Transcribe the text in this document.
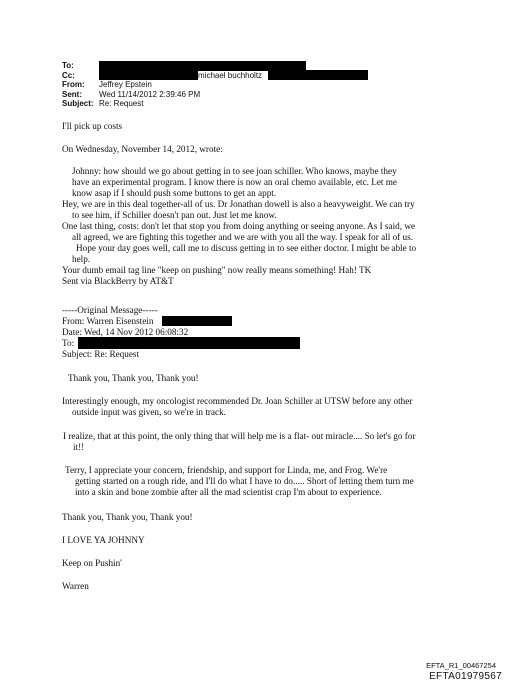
To:
Cc:	michael buchholtz
From: Jeffrey Epstein
Sent: Wed 11/14/2012 2:39:46 PM
Subject: Re: Request
I'll pick up costs
On Wednesday, November 14, 2012, wrote:
Johnny: how should we go about getting in to see joan schiller. Who knows, maybe they
have an experimental program. I know there is now an oral chemo available, etc. Let me
know asap if I should push some buttons to get an appt.
Hey, we are in this deal together-all of us. Dr Jonathan dowell is also a heavyweight. We can try
to see him, if Schiller doesn't pan out. Just let me know.
One last thing, costs: don't let that stop you from doing anything or seeing anyone. As I said, we
all agreed, we are fighting this together and we are with you all the way. I speak for all of us.
Hope your day goes well, call me to discuss getting in to see either doctor. I might be able to
help.
Your dumb email tag line "keep on pushing" now really means something! Hah! TK
Sent via BlackBerry by AT&T
-----Original Message-----
From: Warren Eisenstein
Date: Wed, 14 Nov 2012 06:08:32
To:
Subject: Re: Request
Thank you, Thank you, Thank you!
Interestingly enough, my oncologist recommended Dr. Joan Schiller at UTSW before any other
outside input was given, so we're in track.
I realize, that at this point, the only thing that will help me is a flat- out miracle.... So let's go for
it!!
Terry, I appreciate your concern, friendship, and support for Linda, me, and Frog. We're
getting started on a rough ride, and I'll do what I have to do..... Short of letting them turn me
into a skin and bone zombie after all the mad scientist crap I'm about to experience.
Thank you, Thank you, Thank you!
I LOVE YA JOHNNY
Keep on Pushin'
Warren
EFTA_R1_00467254
EFTA01979567
